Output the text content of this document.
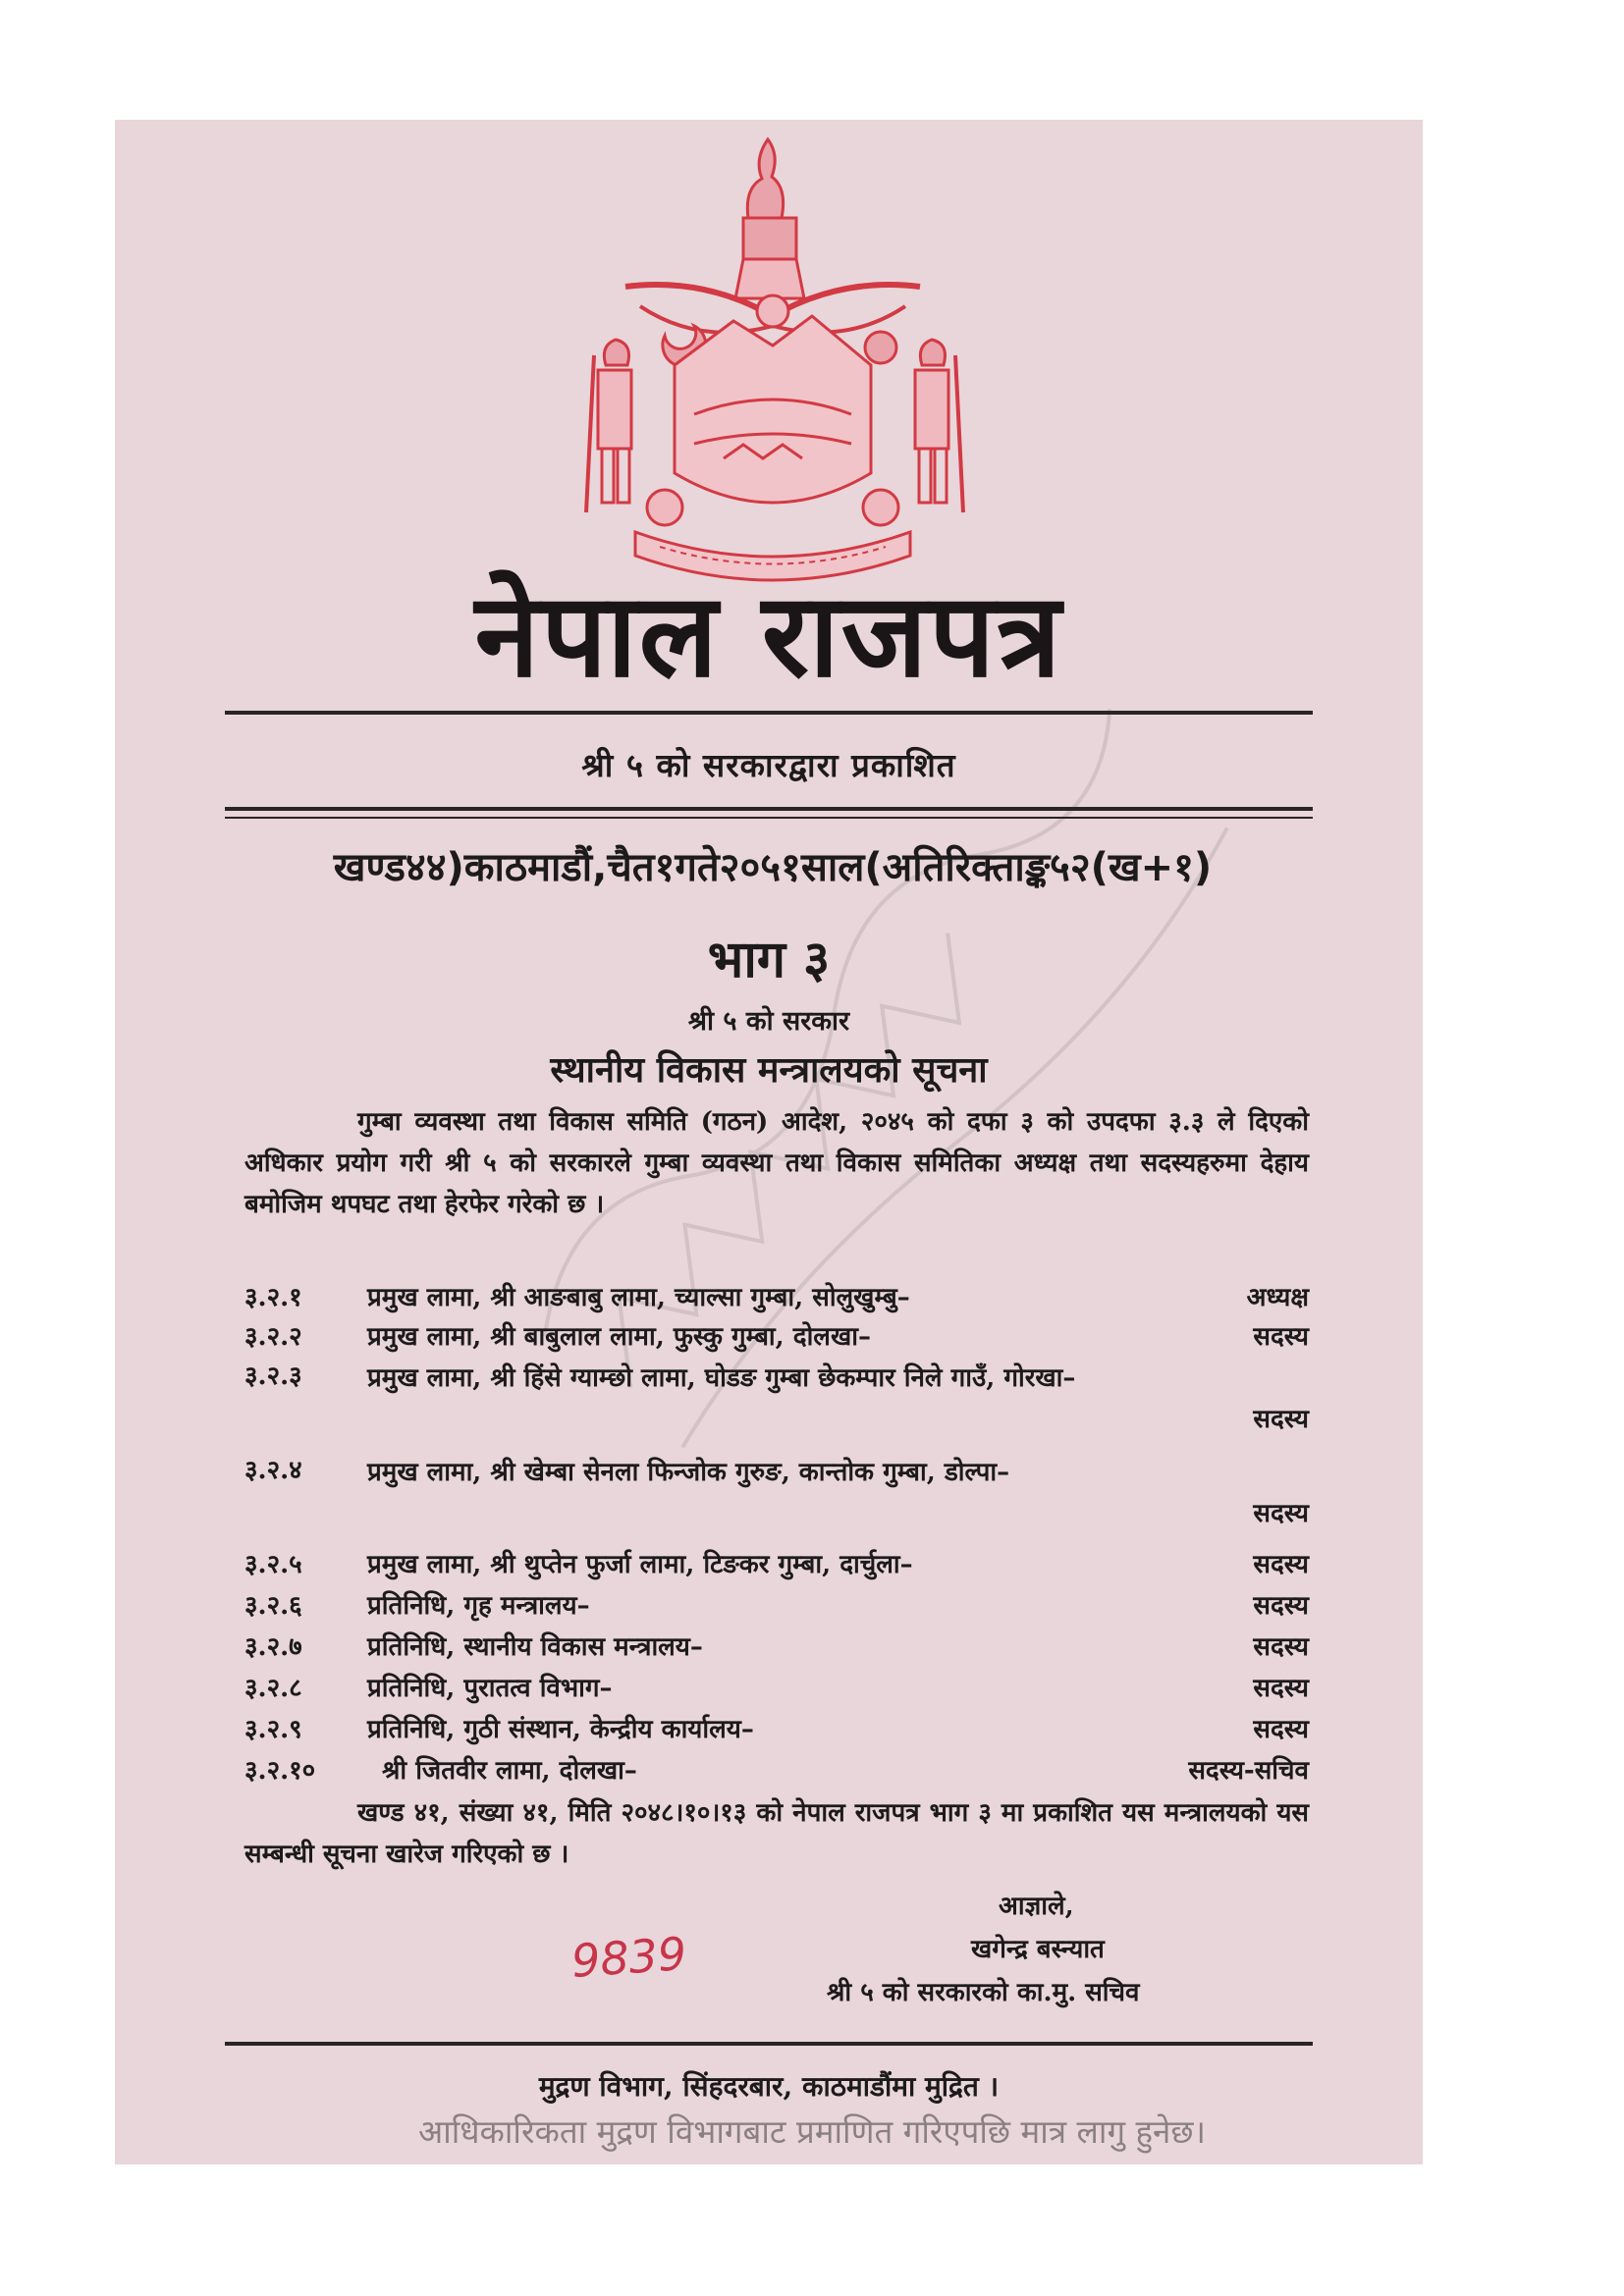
नेपाल राजपत्र
श्री ५ को सरकारद्वारा प्रकाशित
खण्ड४४)काठमाडौं,चैत१गते२०५१साल(अतिरिक्ताङ्क५२(ख+१)
भाग ३
श्री ५ को सरकार
स्थानीय विकास मन्त्रालयको सूचना
गुम्बा व्यवस्था तथा विकास समिति (गठन) आदेश, २०४५ को दफा ३ को उपदफा ३.३ ले दिएको अधिकार प्रयोग गरी श्री ५ को सरकारले गुम्बा व्यवस्था तथा विकास समितिका अध्यक्ष तथा सदस्यहरुमा देहाय बमोजिम थपघट तथा हेरफेर गरेको छ ।
३.२.१	प्रमुख लामा, श्री आङबाबु लामा, च्याल्सा गुम्बा, सोलुखुम्बु–	अध्यक्ष
३.२.२	प्रमुख लामा, श्री बाबुलाल लामा, फुस्कु गुम्बा, दोलखा–	सदस्य
३.२.३	प्रमुख लामा, श्री हिंसे ग्याम्छो लामा, घोडङ गुम्बा छेकम्पार निले गाउँ, गोरखा–
सदस्य
३.२.४	प्रमुख लामा, श्री खेम्बा सेनला फिन्जोक गुरुङ, कान्तोक गुम्बा, डोल्पा–
सदस्य
३.२.५	प्रमुख लामा, श्री थुप्तेन फुर्जा लामा, टिङकर गुम्बा, दार्चुला–	सदस्य
३.२.६	प्रतिनिधि, गृह मन्त्रालय–	सदस्य
३.२.७	प्रतिनिधि, स्थानीय विकास मन्त्रालय–	सदस्य
३.२.८	प्रतिनिधि, पुरातत्व विभाग–	सदस्य
३.२.९	प्रतिनिधि, गुठी संस्थान, केन्द्रीय कार्यालय–	सदस्य
३.२.१०	श्री जितवीर लामा, दोलखा–	सदस्य-सचिव
खण्ड ४१, संख्या ४१, मिति २०४८।१०।१३ को नेपाल राजपत्र भाग ३ मा प्रकाशित यस मन्त्रालयको यस सम्बन्धी सूचना खारेज गरिएको छ ।
आज्ञाले,
खगेन्द्र बस्न्यात
श्री ५ को सरकारको का.मु. सचिव
9839
मुद्रण विभाग, सिंहदरबार, काठमाडौंमा मुद्रित ।
आधिकारिकता मुद्रण विभागबाट प्रमाणित गरिएपछि मात्र लागु हुनेछ।
